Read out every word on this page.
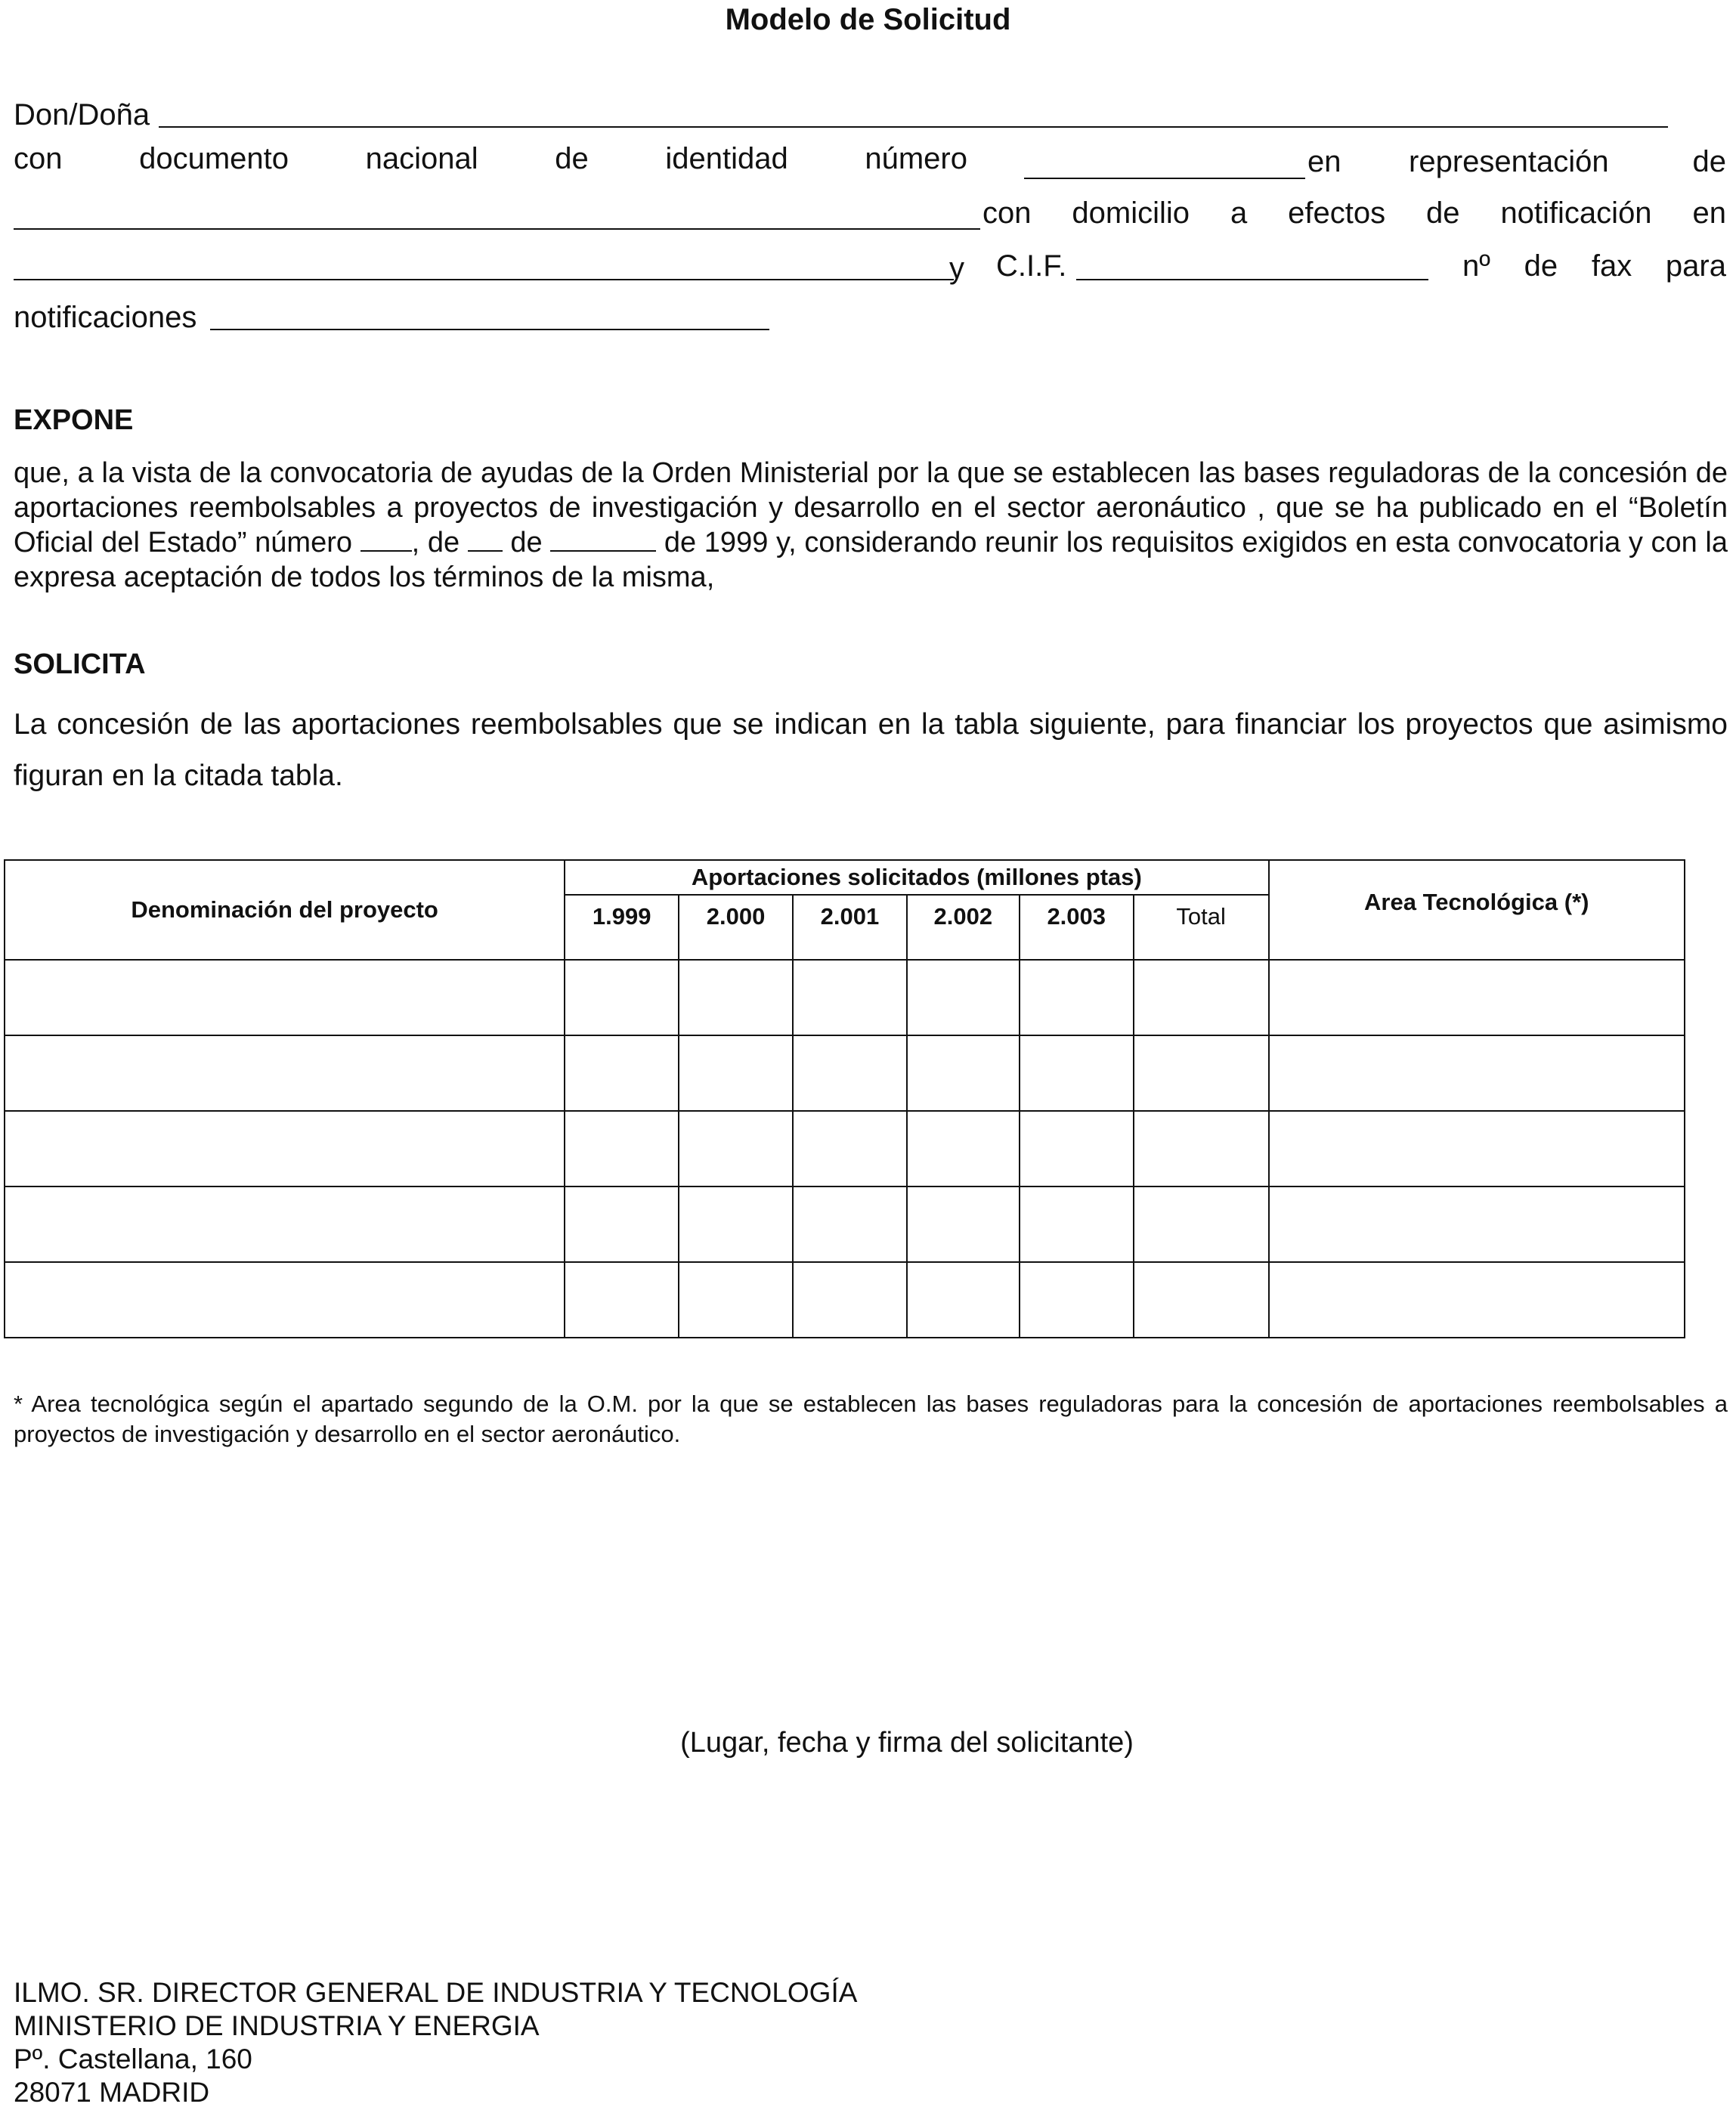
Modelo de Solicitud
Don/Doña
con	documento	nacional	de	identidad	número	en representación	de
con domicilio a efectos de notificación en
y C.I.F.	nº de fax para
notificaciones
EXPONE
que, a la vista de la convocatoria de ayudas de la Orden Ministerial por la que se establecen las bases reguladoras de la concesión de aportaciones reembolsables a proyectos de investigación y desarrollo en el sector aeronáutico , que se ha publicado en el “Boletín Oficial del Estado” número , de  de	de 1999 y, considerando reunir los requisitos exigidos en esta convocatoria y con la expresa aceptación de todos los términos de la misma,
SOLICITA
La concesión de las aportaciones reembolsables que se indican en la tabla siguiente, para financiar los proyectos que asimismo figuran en la citada tabla.
Denominación del proyecto	Aportaciones solicitados (millones ptas)						Area Tecnológica (*)
	1.999	2.000	2.001	2.002	2.003	Total	

* Area tecnológica según el apartado segundo de la O.M. por la que se establecen las bases reguladoras para la concesión de aportaciones reembolsables a proyectos de investigación y desarrollo en el sector aeronáutico.
(Lugar, fecha y firma del solicitante)
ILMO. SR. DIRECTOR GENERAL DE INDUSTRIA Y TECNOLOGÍA
MINISTERIO DE INDUSTRIA Y ENERGIA
Pº. Castellana, 160
28071 MADRID
